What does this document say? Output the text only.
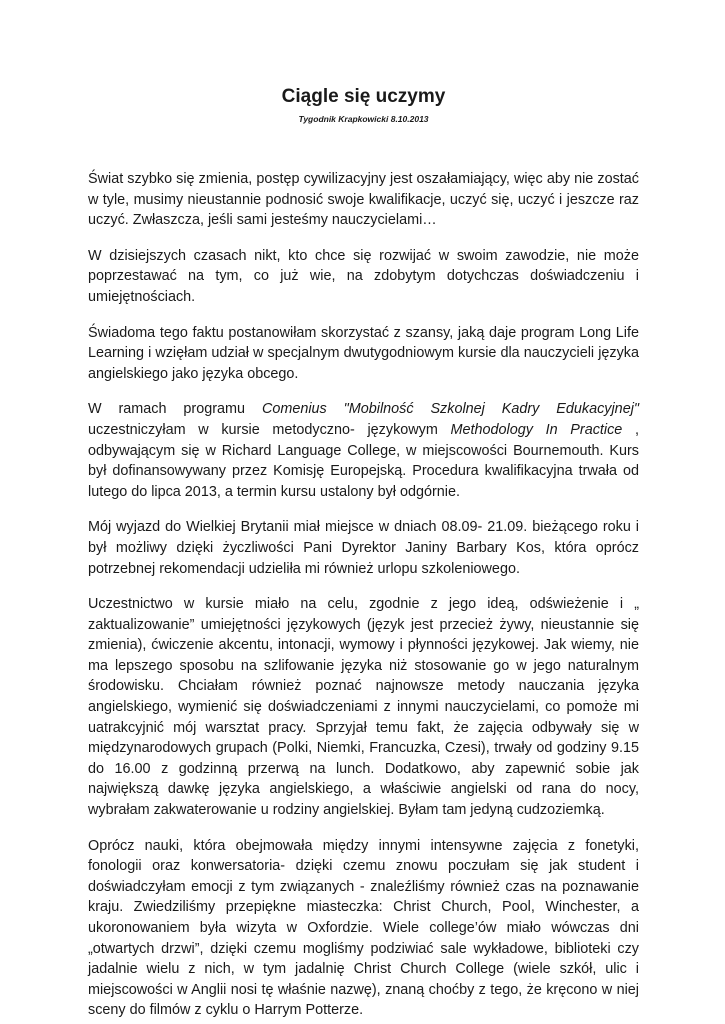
Ciągle się uczymy

Tygodnik Krapkowicki 8.10.2013

Świat szybko się zmienia, postęp cywilizacyjny jest oszałamiający, więc aby nie zostać w tyle, musimy nieustannie podnosić swoje kwalifikacje, uczyć się, uczyć i jeszcze raz uczyć. Zwłaszcza, jeśli sami jesteśmy nauczycielami…

W dzisiejszych czasach nikt, kto chce się rozwijać w swoim zawodzie, nie może poprzestawać na tym, co już wie, na zdobytym dotychczas doświadczeniu i umiejętnościach.

Świadoma tego faktu postanowiłam skorzystać z szansy, jaką daje program Long Life Learning i wzięłam udział w specjalnym dwutygodniowym kursie dla nauczycieli języka angielskiego jako języka obcego.

W ramach programu Comenius "Mobilność Szkolnej Kadry Edukacyjnej" uczestniczyłam w kursie metodyczno- językowym Methodology In Practice , odbywającym się w Richard Language College, w miejscowości Bournemouth. Kurs był dofinansowywany przez Komisję Europejską. Procedura kwalifikacyjna trwała od lutego do lipca 2013, a termin kursu ustalony był odgórnie.

Mój wyjazd do Wielkiej Brytanii miał miejsce w dniach 08.09- 21.09. bieżącego roku i był możliwy dzięki życzliwości Pani Dyrektor Janiny Barbary Kos, która oprócz potrzebnej rekomendacji udzieliła mi również urlopu szkoleniowego.

Uczestnictwo w kursie miało na celu, zgodnie z jego ideą, odświeżenie i „ zaktualizowanie” umiejętności językowych (język jest przecież żywy, nieustannie się zmienia), ćwiczenie akcentu, intonacji, wymowy i płynności językowej. Jak wiemy, nie ma lepszego sposobu na szlifowanie języka niż stosowanie go w jego naturalnym środowisku. Chciałam również poznać najnowsze metody nauczania języka angielskiego, wymienić się doświadczeniami z innymi nauczycielami, co pomoże mi uatrakcyjnić mój warsztat pracy. Sprzyjał temu fakt, że zajęcia odbywały się w międzynarodowych grupach (Polki, Niemki, Francuzka, Czesi), trwały od godziny 9.15 do 16.00 z godzinną przerwą na lunch. Dodatkowo, aby zapewnić sobie jak największą dawkę języka angielskiego, a właściwie angielski od rana do nocy, wybrałam zakwaterowanie u rodziny angielskiej. Byłam tam jedyną cudzoziemką.

Oprócz nauki, która obejmowała między innymi intensywne zajęcia z fonetyki, fonologii oraz konwersatoria- dzięki czemu znowu poczułam się jak student i doświadczyłam emocji z tym związanych - znaleźliśmy również czas na poznawanie kraju. Zwiedziliśmy przepiękne miasteczka: Christ Church, Pool, Winchester, a ukoronowaniem była wizyta w Oxfordzie. Wiele college’ów miało wówczas dni „otwartych drzwi”, dzięki czemu mogliśmy podziwiać sale wykładowe, biblioteki czy jadalnie wielu z nich, w tym jadalnię Christ Church College (wiele szkół, ulic i miejscowości w Anglii nosi tę właśnie nazwę), znaną choćby z tego, że kręcono w niej sceny do filmów z cyklu o Harrym Potterze.
